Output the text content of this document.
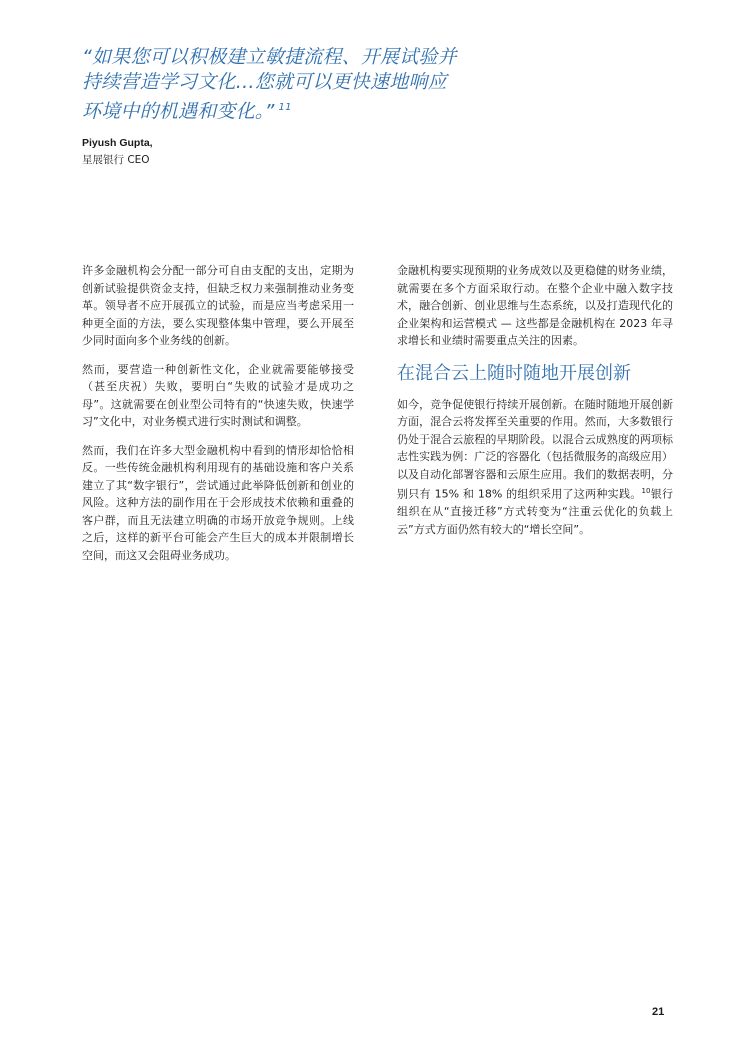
“如果您可以积极建立敏捷流程、开展试验并持续营造学习文化…您就可以更快速地响应环境中的机遇和变化。” $^{11}$
Piyush Gupta,
星展银行 CEO

许多金融机构会分配一部分可自由支配的支出，定期为创新试验提供资金支持，但缺乏权力来强制推动业务变革。领导者不应开展孤立的试验，而是应当考虑采用一种更全面的方法，要么实现整体集中管理，要么开展至少同时面向多个业务线的创新。

然而，要营造一种创新性文化，企业就需要能够接受（甚至庆祝）失败，要明白“失败的试验才是成功之母”。这就需要在创业型公司特有的“快速失败，快速学习”文化中，对业务模式进行实时测试和调整。

然而，我们在许多大型金融机构中看到的情形却恰恰相反。一些传统金融机构利用现有的基础设施和客户关系建立了其“数字银行”，尝试通过此举降低创新和创业的风险。这种方法的副作用在于会形成技术依赖和重叠的客户群，而且无法建立明确的市场开放竞争规则。上线之后，这样的新平台可能会产生巨大的成本并限制增长空间，而这又会阻碍业务成功。

金融机构要实现预期的业务成效以及更稳健的财务业绩，就需要在多个方面采取行动。在整个企业中融入数字技术，融合创新、创业思维与生态系统，以及打造现代化的企业架构和运营模式 — 这些都是金融机构在 2023 年寻求增长和业绩时需要重点关注的因素。

在混合云上随时随地开展创新

如今，竞争促使银行持续开展创新。在随时随地开展创新方面，混合云将发挥至关重要的作用。然而，大多数银行仍处于混合云旅程的早期阶段。以混合云成熟度的两项标志性实践为例：广泛的容器化（包括微服务的高级应用）以及自动化部署容器和云原生应用。我们的数据表明，分别只有 15% 和 18% 的组织采用了这两种实践。$^{10}$银行组织在从“直接迁移”方式转变为“注重云优化的负载上云”方式方面仍然有较大的“增长空间”。

21
